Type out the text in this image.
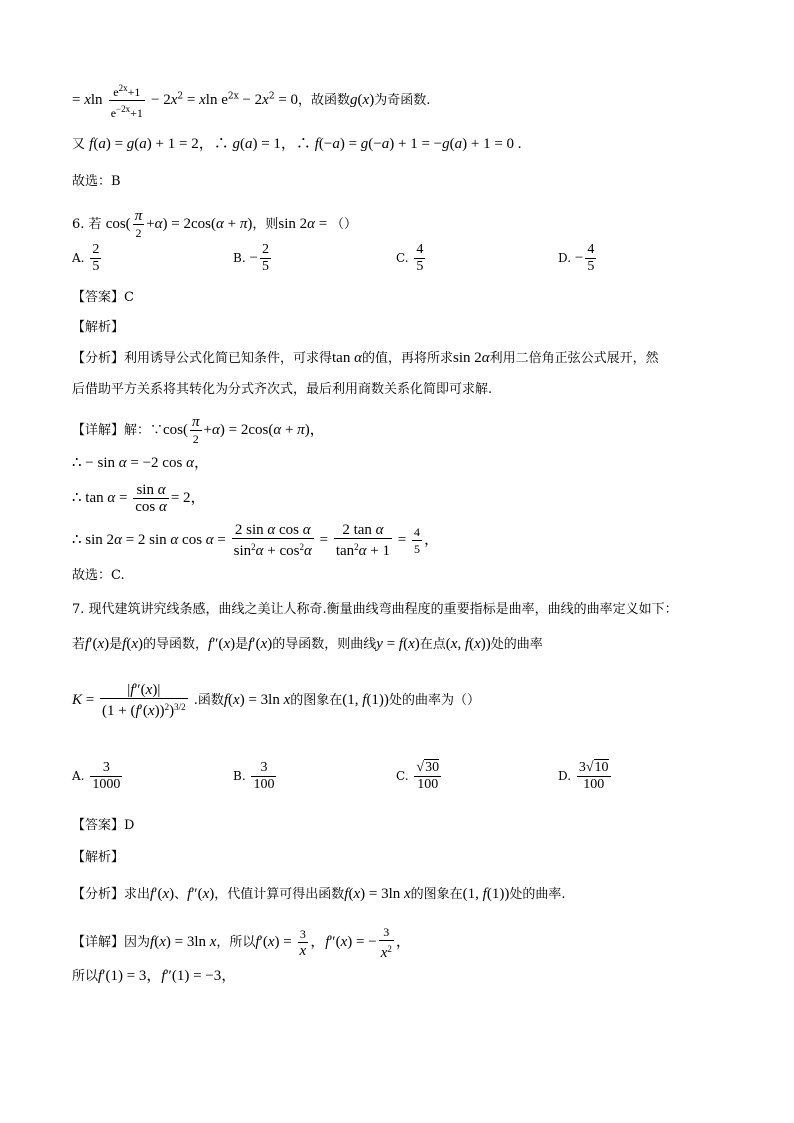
= xln $\frac{e^{2x}+1}{e^{-2x}+1} - 2x^2 = xln$ $e^{2x} - 2x^2 = 0$，故函数g(x)为奇函数.
又 f(a) = g(a) + 1 = 2，∴ g(a) = 1，∴ f(−a) = g(−a) + 1 = −g(a) + 1 = 0 .
故选：B
6. 若 $\cos( \frac{\pi}{2} +\alpha) = 2\cos(\alpha + \pi)$，则sin 2α = （）
A. $\frac{2}{5}$	B. − $\frac{2}{5}$	C. $\frac{4}{5}$	D. − $\frac{4}{5}$
【答案】C
【解析】
【分析】利用诱导公式化简已知条件，可求得tan α的值，再将所求sin 2α利用二倍角正弦公式展开，然
后借助平方关系将其转化为分式齐次式，最后利用商数关系化简即可求解.
【详解】解：∵cos( $\frac{\pi}{2} +\alpha) = 2\cos(\alpha + \pi)$，
∴ − sin α = −2 cos α，
∴ $\tan \alpha = \frac{\text{sin α}}{\text{cos α}} = 2$，
∴ sin 2α = 2 sin α $\cos \alpha = \frac{\text{2 sin α cos α}}{\sin^2\alpha + \cos^2\alpha} = \frac{\text{2 tan α}}{\tan^2\alpha + 1} = \frac{4}{5}$ ，
故选：C.
7. 现代建筑讲究线条感，曲线之美让人称奇.衡量曲线弯曲程度的重要指标是曲率，曲线的曲率定义如下：
若f′(x)是f(x)的导函数，f″(x)是f′(x)的导函数，则曲线y = f(x)在点(x, f(x))处的曲率
$K = \frac{|f''(x)|}{(1 + (f'(x))^2)^{3/2}}$ .函数f(x) = 3ln x的图象在(1, f(1))处的曲率为（）
A. $\frac{3}{1000}$	B. $\frac{3}{100}$	C. $\frac{√30}{100}$	D. $\frac{3√10}{100}$
【答案】D
【解析】
【分析】求出f′(x)、f″(x)，代值计算可得出函数f(x) = 3ln x的图象在(1, f(1))处的曲率.
【详解】因为f(x) = 3ln x，所以$f'(x) = \frac{3}{x}$ ，f″(x) = − $\frac{3}{x^2}$ ，
所以f′(1) = 3，f″(1) = −3，
